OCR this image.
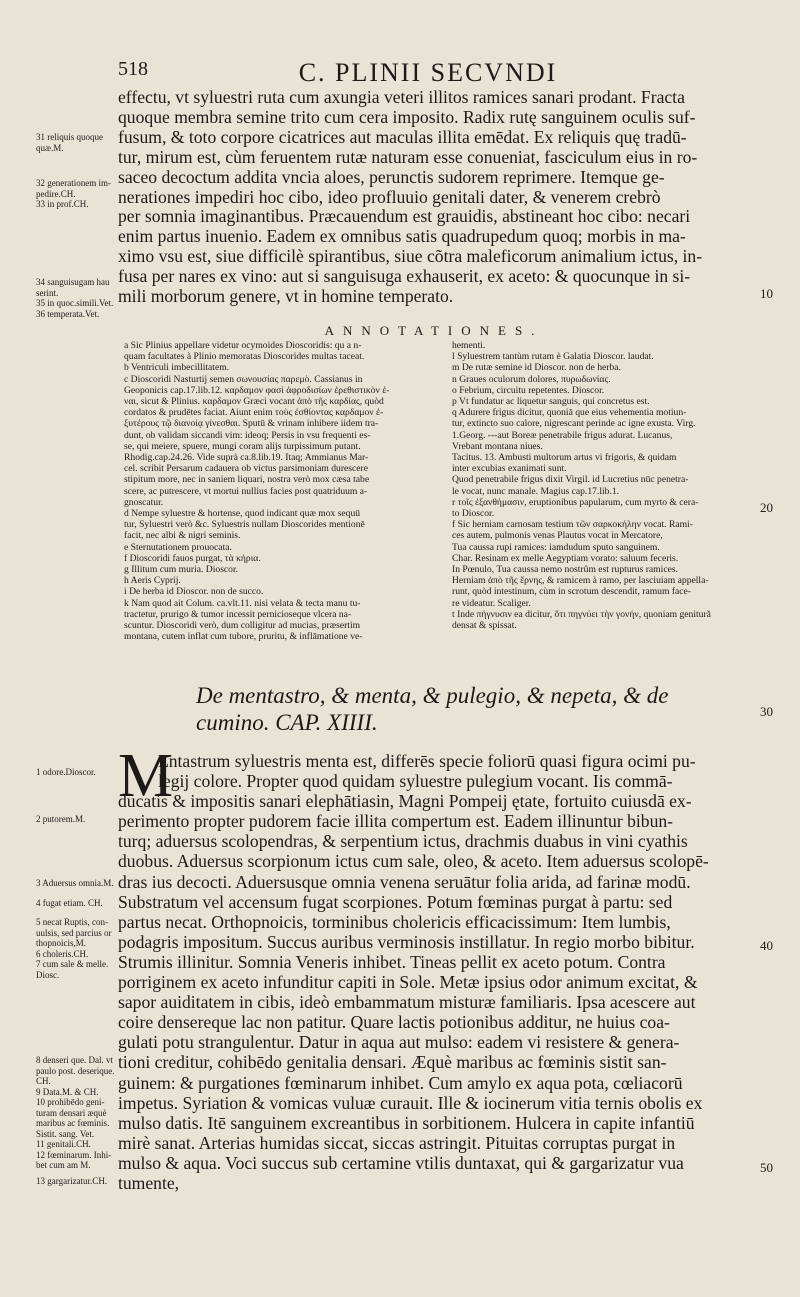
518	C. PLINII SECVNDI
effectu, vt syluestri ruta cum axungia veteri illitos ramices sanari prodant. Fracta
quoque membra semine trito cum cera imposito. Radix rutę sanguinem oculis suf-
fusum, & toto corpore cicatrices aut maculas illita emēdat. Ex reliquis quę tradū-
tur, mirum est, cùm feruentem rutæ naturam esse conueniat, fasciculum eius in ro-
saceo decoctum addita vncia aloes, perunctis sudorem reprimere. Itemque ge-
nerationes impediri hoc cibo, ideo profluuio genitali dater, & venerem crebrò
per somnia imaginantibus. Præcauendum est grauidis, abstineant hoc cibo: necari
enim partus inuenio. Eadem ex omnibus satis quadrupedum quoq; morbis in ma-
ximo vsu est, siue difficilè spirantibus, siue cõtra maleficorum animalium ictus, in-
fusa per nares ex vino: aut si sanguisuga exhauserit, ex aceto: & quocunque in si-
mili morborum genere, vt in homine temperato.
31 reliquis quoque
quæ.M.
32 generationem im-
pedire.CH.
33 in prof.CH.
34 sanguisugam hau
serint.
35 in quoc.simili.Vet.
36 temperata.Vet.
10
ANNOTATIONES.
a Sic Plinius appellare videtur ocymoides Dioscoridis: qu a n-
quam facultates à Plinio memoratas Dioscorides multas taceat.
b Ventriculi imbecillitatem.
c Dioscoridi Nasturtij semen σωνουσίας παρεμὸ. Cassianus in
Geoponicis cap.17.lib.12. καρδαμον φασί ἀφροδισίων ἐρεθιστικὸν ἐ-
ναι, sicut & Plinius. καρδαμον Græci vocant ἀπὸ τῆς καρδίας, quòd
cordatos & prudētes faciat. Aiunt enim τοὺς ἐσθίοντας καρδαμον ἐ-
ξυτέρους τῷ διανοίᾳ γίνεσθαι. Sputū & vrinam inhibere iidem tra-
dunt, ob validam siccandi vim: ideoq; Persis in vsu frequenti es-
se, qui meiere, spuere, mungi coram alijs turpissimum putant.
Rhodig.cap.24.26. Vide suprà ca.8.lib.19. Itaq; Ammianus Mar-
cel. scribit Persarum cadauera ob victus parsimoniam durescere
stipitum more, nec in saniem liquari, nostra verò mox cæsa tabe
scere, ac putrescere, vt mortui nullius facies post quatriduum a-
gnoscatur.
d Nempe syluestre & hortense, quod indicant quæ mox sequū
tur, Syluestri verò &c. Syluestris nullam Dioscorides mentionē
facit, nec albi & nigri seminis.
e Sternutationem prouocata.
f Dioscoridi fauos purgat, τὰ κήρια.
g Illitum cum muria. Dioscor.
h Aeris Cyprij.
i De herba id Dioscor. non de succo.
k Nam quod ait Colum. ca.vlt.11. nisi velata & tecta manu tu-
tractetur, prurigo & tumor incessit pernicioseque vlcera na-
scuntur. Dioscoridi verò, dum colligitur ad mucias, præsertim
montana, cutem inflat cum tubore, pruritu, & inflāmatione ve-
hementi.
l Syluestrem tantùm rutam è Galatia Dioscor. laudat.
m De rutæ semine id Dioscor. non de herba.
n Graues oculorum dolores, πυρωδωνίας.
o Febrium, circuitu repetentes. Dioscor.
p Vt fundatur ac liquetur sanguis, qui concretus est.
q Adurere frigus dicitur, quoniā que eius vehementia motiun-
tur, extincto suo calore, nigrescant perinde ac igne exusta. Virg.
1.Georg. ---aut Boreæ penetrabile frigus adurat. Lucanus,
Vrebant montana niues.
Tacitus. 13. Ambusti multorum artus vi frigoris, & quidam
inter excubias exanimati sunt.
Quod penetrabile frigus dixit Virgil. id Lucretius nūc penetra-
le vocat, nunc manale. Magius cap.17.lib.1.
r τοῖς ἐξανθήμασιν, eruptionibus papularum, cum myrto & cera-
to Dioscor.
f Sic herniam carnosam testium τῶν σαρκοκήλην vocat. Rami-
ces autem, pulmonis venas Plautus vocat in Mercatore,
Tua caussa rupi ramices: iamdudum sputo sanguinem.
Char. Resinam ex melle Aegyptiam vorato: saluum feceris.
In Pœnulo, Tua caussa nemo nostrûm est rupturus ramices.
Herniam ἀπὸ τῆς ἔρνης, & ramicem à ramo, per lasciuiam appella-
runt, quòd intestinum, cùm in scrotum descendit, ramum face-
re videatur. Scaliger.
t Inde πήγνυσιν ea dicitur, ὅτι πηγνύει τὴν γονήν, quoniam genitură
densat & spissat.
20
De mentastro, & menta, & pulegio, & nepeta, & de
cumino. CAP. XIIII.	30
M
Entastrum syluestris menta est, differēs specie foliorū quasi figura ocimi pu-
legij colore. Propter quod quidam syluestre pulegium vocant. Iis commā-
ducatis & impositis sanari elephātiasin, Magni Pompeij ętate, fortuito cuiusdā ex-
perimento propter pudorem facie illita compertum est. Eadem illinuntur bibun-
turq; aduersus scolopendras, & serpentium ictus, drachmis duabus in vini cyathis
duobus. Aduersus scorpionum ictus cum sale, oleo, & aceto. Item aduersus scolopē-
dras ius decocti. Aduersusque omnia venena seruātur folia arida, ad farinæ modū.
Substratum vel accensum fugat scorpiones. Potum fœminas purgat à partu: sed
partus necat. Orthopnoicis, torminibus cholericis efficacissimum: Item lumbis,
podagris impositum. Succus auribus verminosis instillatur. In regio morbo bibitur.
Strumis illinitur. Somnia Veneris inhibet. Tineas pellit ex aceto potum. Contra
porriginem ex aceto infunditur capiti in Sole. Metæ ipsius odor animum excitat, &
sapor auiditatem in cibis, ideò embammatum misturæ familiaris. Ipsa acescere aut
coire densereque lac non patitur. Quare lactis potionibus additur, ne huius coa-
gulati potu strangulentur. Datur in aqua aut mulso: eadem vi resistere & genera-
tioni creditur, cohibēdo genitalia densari. Æquè maribus ac fœminis sistit san-
guinem: & purgationes fœminarum inhibet. Cum amylo ex aqua pota, cœliacorū
impetus. Syriation & vomicas vuluæ curauit. Ille & iocinerum vitia ternis obolis ex
mulso datis. Itē sanguinem excreantibus in sorbitionem. Hulcera in capite infantiū
mirè sanat. Arterias humidas siccat, siccas astringit. Pituitas corruptas purgat in
mulso & aqua. Voci succus sub certamine vtilis duntaxat, qui & gargarizatur vua
tumente,
1 odore.Dioscor.
2 putorem.M.
3 Aduersus omnia.M.
4 fugat etiam. CH.
5 necat Ruptis, con-
uulsis, sed parcius or
thopnoicis,M.
6 choleris.CH.
7 cum sale & melle.
Diosc.
8 denseri que. Dal. vt
paulo post. deserique.
CH.
9 Data.M. & CH.
10 prohibēdo geni-
turam densari æquè
maribus ac fœminis.
Sistit. sang. Vet.
11 genitali.CH.
12 fœminarum. Inhi-
bet cum am M.
13 gargarizatur.CH.
40
50
